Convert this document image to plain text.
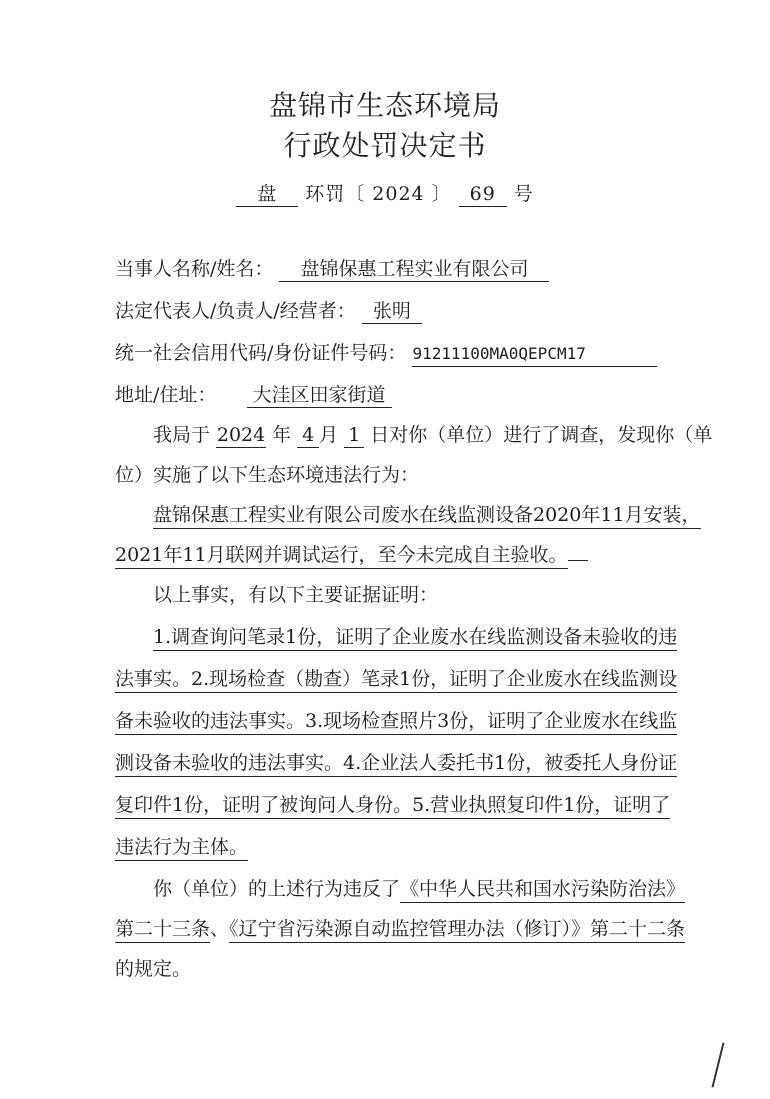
盘锦市生态环境局
行政处罚决定书
盘 环罚〔 2024 〕 69 号
当事人名称/姓名： 盘锦保惠工程实业有限公司
法定代表人/负责人/经营者： 张明
统一社会信用代码/身份证件号码： 91211100MA0QEPCM17
地址/住址： 大洼区田家街道
我局于 2024 年 4 月 1 日对你（单位）进行了调查，发现你（单
位）实施了以下生态环境违法行为：
盘锦保惠工程实业有限公司废水在线监测设备2020年11月安装，
2021年11月联网并调试运行，至今未完成自主验收。
以上事实，有以下主要证据证明：
1.调查询问笔录1份，证明了企业废水在线监测设备未验收的违
法事实。2.现场检查（勘查）笔录1份，证明了企业废水在线监测设
备未验收的违法事实。3.现场检查照片3份，证明了企业废水在线监
测设备未验收的违法事实。4.企业法人委托书1份，被委托人身份证
复印件1份，证明了被询问人身份。5.营业执照复印件1份，证明了
违法行为主体。
你（单位）的上述行为违反了《中华人民共和国水污染防治法》
第二十三条、《辽宁省污染源自动监控管理办法（修订）》第二十二条
的规定。
